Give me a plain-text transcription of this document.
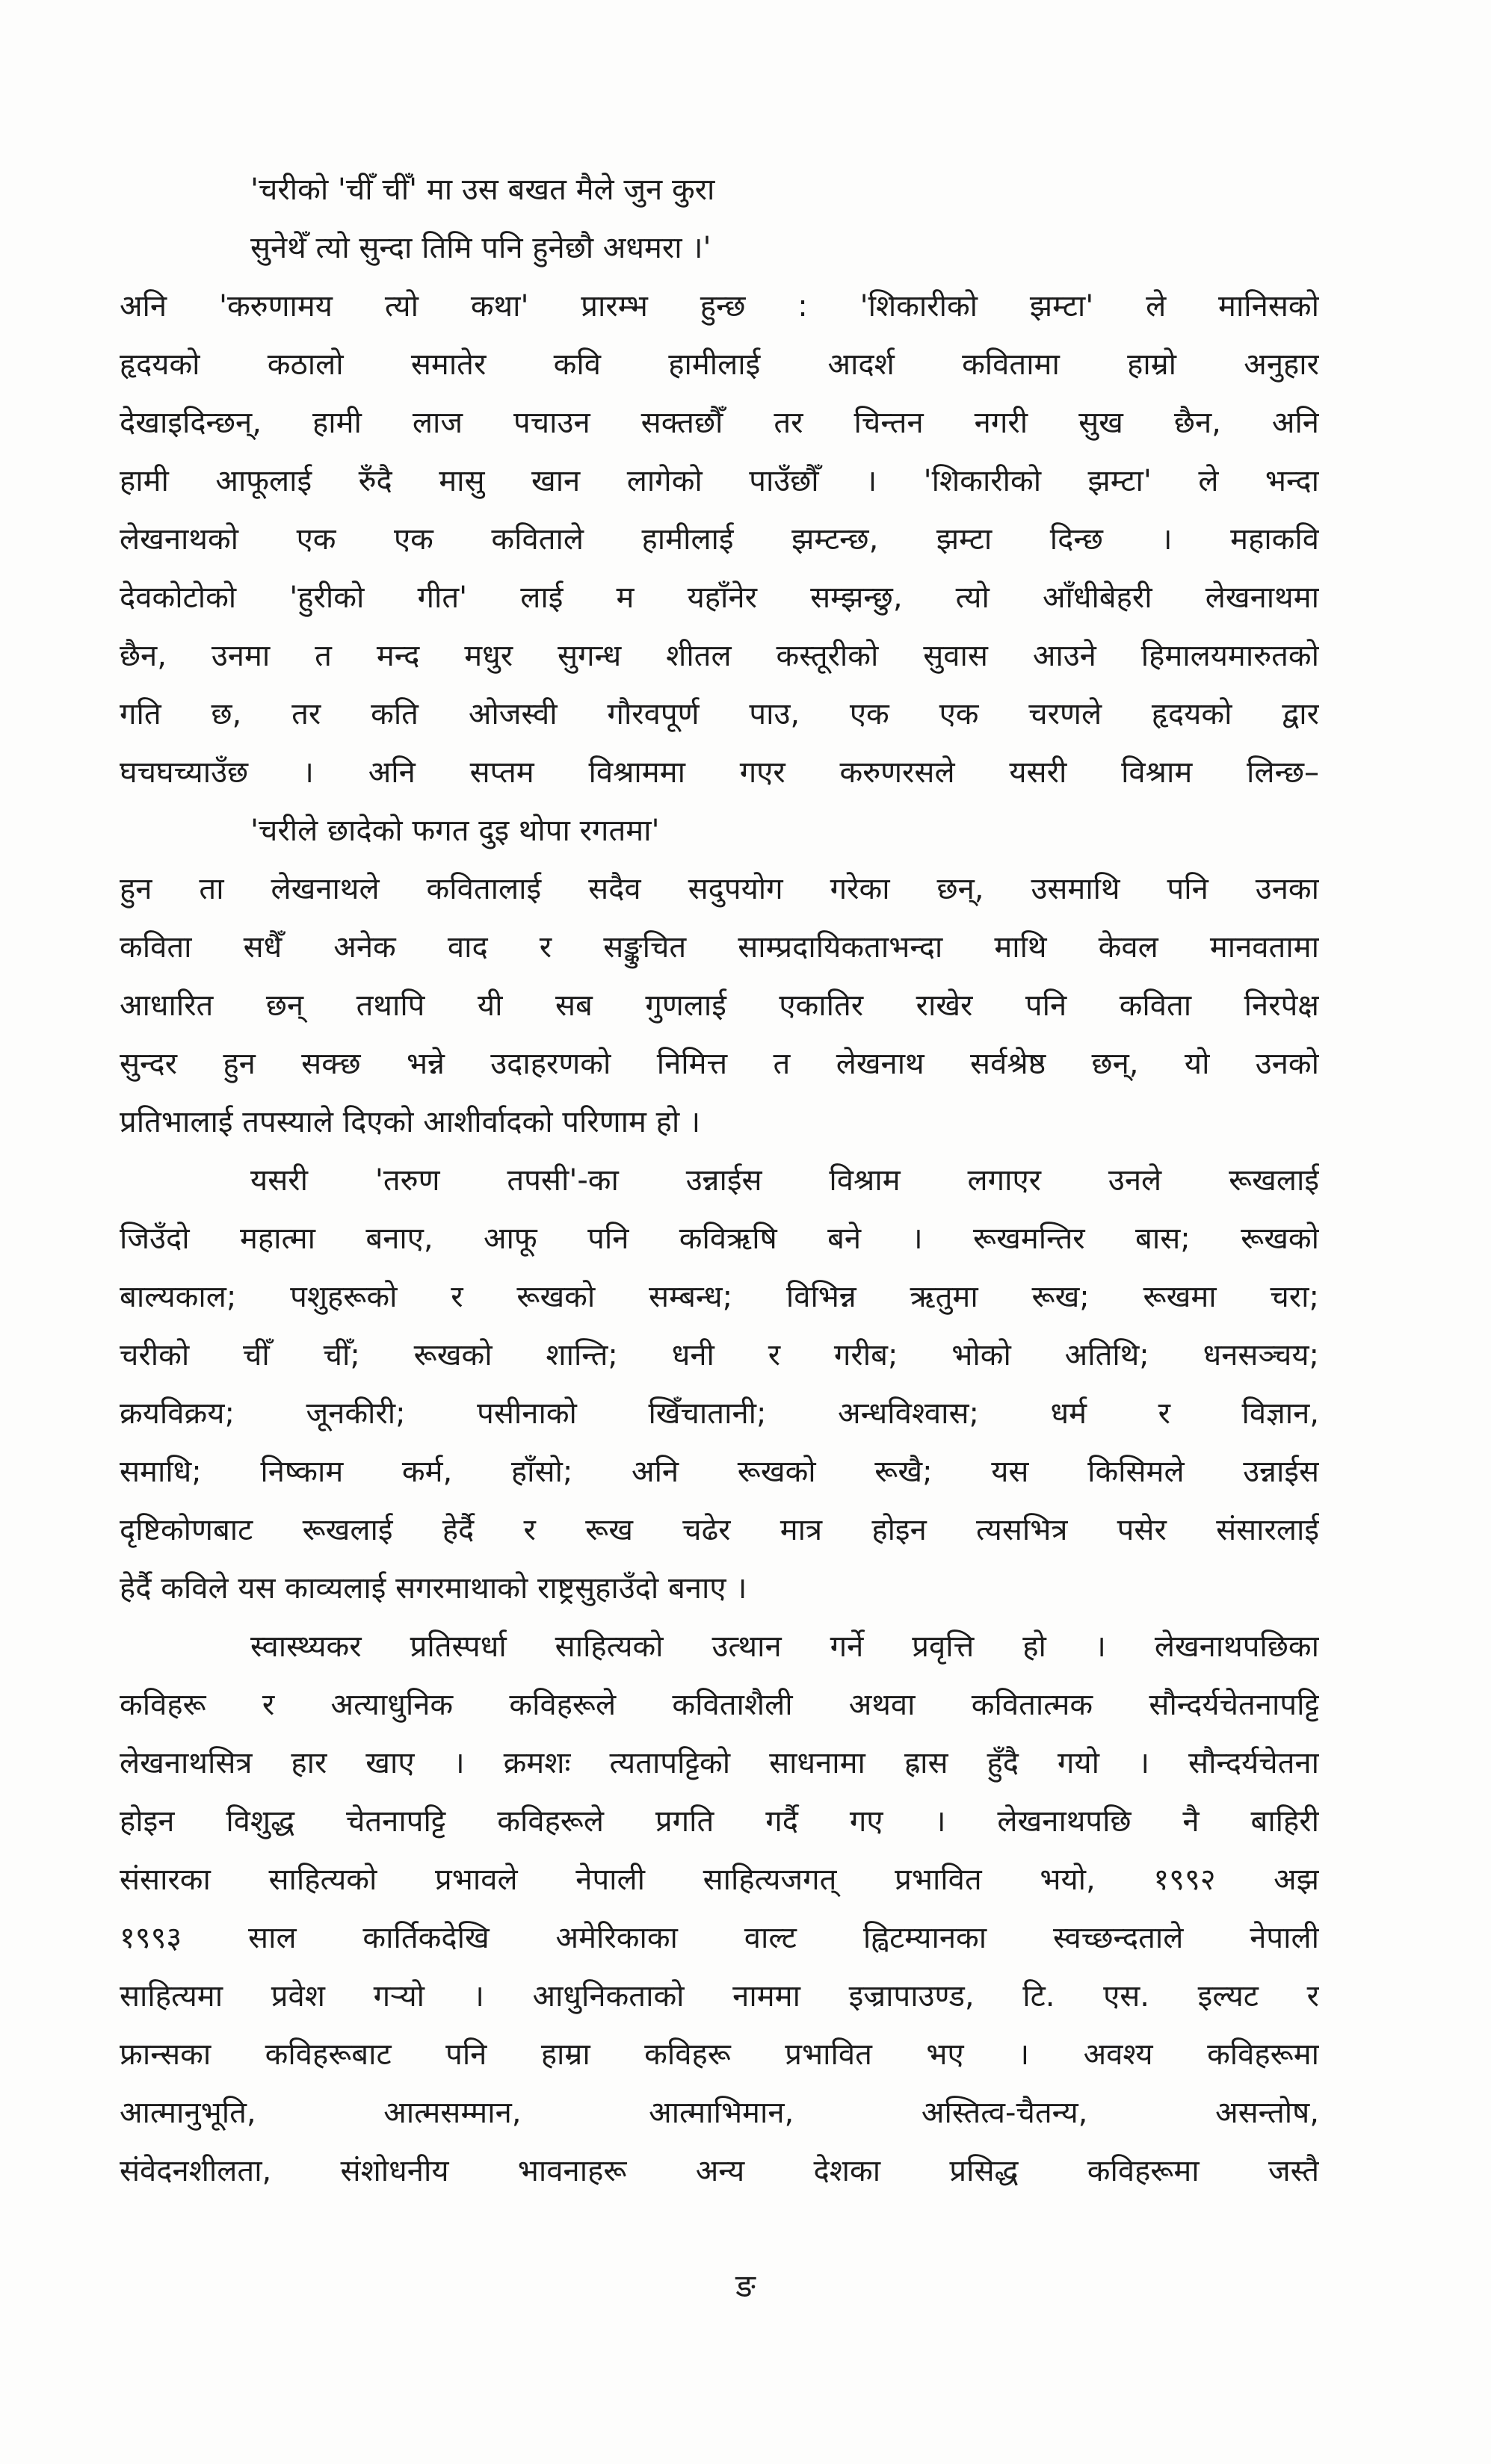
'चरीको 'चीँ चीँ' मा उस बखत मैले जुन कुरा
सुनेथेँ त्यो सुन्दा तिमि पनि हुनेछौ अधमरा ।'
अनि 'करुणामय त्यो कथा' प्रारम्भ हुन्छ : 'शिकारीको झम्टा' ले मानिसको
हृदयको कठालो समातेर कवि हामीलाई आदर्श कवितामा हाम्रो अनुहार
देखाइदिन्छन्, हामी लाज पचाउन सक्तछौँ तर चिन्तन नगरी सुख छैन, अनि
हामी आफूलाई रुँदै मासु खान लागेको पाउँछौँ । 'शिकारीको झम्टा' ले भन्दा
लेखनाथको एक एक कविताले हामीलाई झम्टन्छ, झम्टा दिन्छ । महाकवि
देवकोटोको 'हुरीको गीत' लाई म यहाँनेर सम्झन्छु, त्यो आँधीबेहरी लेखनाथमा
छैन, उनमा त मन्द मधुर सुगन्ध शीतल कस्तूरीको सुवास आउने हिमालयमारुतको
गति छ, तर कति ओजस्वी गौरवपूर्ण पाउ, एक एक चरणले हृदयको द्वार
घचघच्याउँछ । अनि सप्तम विश्राममा गएर करुणरसले यसरी विश्राम लिन्छ–
'चरीले छादेको फगत दुइ थोपा रगतमा'
हुन ता लेखनाथले कवितालाई सदैव सदुपयोग गरेका छन्, उसमाथि पनि उनका
कविता सधैँ अनेक वाद र सङ्कुचित साम्प्रदायिकताभन्दा माथि केवल मानवतामा
आधारित छन् तथापि यी सब गुणलाई एकातिर राखेर पनि कविता निरपेक्ष
सुन्दर हुन सक्छ भन्ने उदाहरणको निमित्त त लेखनाथ सर्वश्रेष्ठ छन्, यो उनको
प्रतिभालाई तपस्याले दिएको आशीर्वादको परिणाम हो ।
यसरी 'तरुण तपसी'-का उन्नाईस विश्राम लगाएर उनले रूखलाई
जिउँदो महात्मा बनाए, आफू पनि कविऋषि बने । रूखमन्तिर बास; रूखको
बाल्यकाल; पशुहरूको र रूखको सम्बन्ध; विभिन्न ऋतुमा रूख; रूखमा चरा;
चरीको चीँ चीँ; रूखको शान्ति; धनी र गरीब; भोको अतिथि; धनसञ्चय;
क्रयविक्रय; जूनकीरी; पसीनाको खिँचातानी; अन्धविश्वास; धर्म र विज्ञान,
समाधि; निष्काम कर्म, हाँसो; अनि रूखको रूखै; यस किसिमले उन्नाईस
दृष्टिकोणबाट रूखलाई हेर्दै र रूख चढेर मात्र होइन त्यसभित्र पसेर संसारलाई
हेर्दै कविले यस काव्यलाई सगरमाथाको राष्ट्रसुहाउँदो बनाए ।
स्वास्थ्यकर प्रतिस्पर्धा साहित्यको उत्थान गर्ने प्रवृत्ति हो । लेखनाथपछिका
कविहरू र अत्याधुनिक कविहरूले कविताशैली अथवा कवितात्मक सौन्दर्यचेतनापट्टि
लेखनाथसित्र हार खाए । क्रमशः त्यतापट्टिको साधनामा ह्रास हुँदै गयो । सौन्दर्यचेतना
होइन विशुद्ध चेतनापट्टि कविहरूले प्रगति गर्दै गए । लेखनाथपछि नै बाहिरी
संसारका साहित्यको प्रभावले नेपाली साहित्यजगत् प्रभावित भयो, १९९२ अझ
१९९३ साल कार्तिकदेखि अमेरिकाका वाल्ट ह्विटम्यानका स्वच्छन्दताले नेपाली
साहित्यमा प्रवेश गऱ्यो । आधुनिकताको नाममा इज्रापाउण्ड, टि. एस. इल्यट र
फ्रान्सका कविहरूबाट पनि हाम्रा कविहरू प्रभावित भए । अवश्य कविहरूमा
आत्मानुभूति, आत्मसम्मान, आत्माभिमान, अस्तित्व-चैतन्य, असन्तोष,
संवेदनशीलता, संशोधनीय भावनाहरू अन्य देशका प्रसिद्ध कविहरूमा जस्तै
ङ
